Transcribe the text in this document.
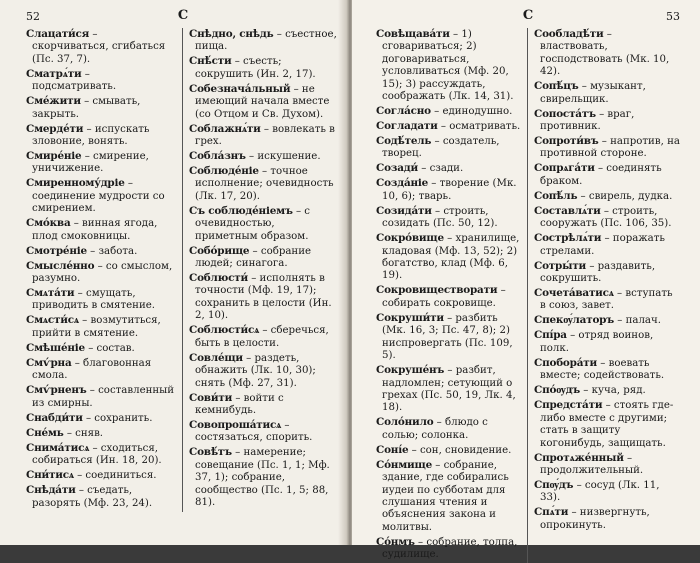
52	С

Слацати́ся – скорчиваться, сгибаться (Пс. 37, 7).

Сматрѧ́ти – подсматривать.

Сме́жити – смывать, закрыть.

Смерде́ти – испускать зловоние, вонять.

Смире́ніе – смирение, уничижение.

Смиренному́дріе – соединение мудрости со смирением.

Смо́ква – винная ягода, плод смоковницы.

Смотре́ніе – забота.

Смысле́нно – со смыслом, разумно.

Смѧта́ти – смущать, приводить в смятение.

Смѧсти́сѧ – возмутиться, прийти в смятение.

Смѣше́ніе – состав.

Смѵ́рна – благовонная смола.

Смѵ́рненъ – составленный из смирны.

Снабди́ти – сохранить.

Сне́мь – сняв.

Снима́тисѧ – сходиться, собираться (Ин. 18, 20).

Сни́тисѧ – соединиться.

Снѣда́ти – съедать, разорять (Мф. 23, 24).

Снѣдно, снѣдь – съестное, пища.

Снѣ́сти – съесть; сокрушить (Ин. 2, 17).

Собезнача́льный – не имеющий начала вместе (со Отцом и Св. Духом).

Соблажнѧ́ти – вовлекать в грех.

Собла́знъ – искушение.

Соблюде́ніе – точное исполнение; очевидность (Лк. 17, 20).

Съ соблюде́ніемъ – с очевидностью, приметным образом.

Собо́рище – собрание людей; синагога.

Соблюсти́ – исполнять в точности (Мф. 19, 17); сохранить в целости (Ин. 2, 10).

Соблюсти́сѧ – сберечься, быть в целости.

Совле́щи – раздеть, обнажить (Лк. 10, 30); снять (Мф. 27, 31).

Сови́ти – войти с кемнибудь.

Совопроша́тисѧ – состязаться, спорить.

Совѣ́тъ – намерение; совещание (Пс. 1, 1; Мф. 37, 1); собрание, сообщество (Пс. 1, 5; 88, 81).

С	53

Совѣщава́ти – 1) сговариваться; 2) договариваться, условливаться (Мф. 20, 15); 3) рассуждать, соображать (Лк. 14, 31).

Согла́сно – единодушно.

Согладати – осматривать.

Содѣ́тель – создатель, творец.

Созади́ – сзади.

Созда́ніе – творение (Мк. 10, 6); тварь.

Созида́ти – строить, созидать (Пс. 50, 12).

Сокро́вище – хранилище, кладовая (Мф. 13, 52); 2) богатство, клад (Мф. 6, 19).

Сокровиществорати – собирать сокровище.

Сокруши́ти – разбить (Мк. 16, 3; Пс. 47, 8); 2) ниспровергать (Пс. 109, 5).

Сокруше́нъ – разбит, надломлен; сетующий о грехах (Пс. 50, 19, Лк. 4, 18).

Соло́нило – блюдо с солью; солонка.

Соні́е – сон, сновидение.

Со́нмище – собрание, здание, где собирались иудеи по субботам для слушания чтения и объяснения закона и молитвы.

Со́нмъ – собрание, толпа, судилище.

Сообладѣ́ти – властвовать, господствовать (Мк. 10, 42).

Сопѣ́цъ – музыкант, свирельщик.

Сопоста́тъ – враг, противник.

Сопроти́въ – напротив, на противной стороне.

Сопрѧга́ти – соединять браком.

Сопѣ́ль – свирель, дудка.

Составлѧ́ти – строить, сооружать (Пс. 106, 35).

Сострѣлѧ́ти – поражать стрелами.

Сотры́ти – раздавить, сокрушить.

Сочета́ватисѧ – вступать в союз, завет.

Спекѹ́латоръ – палач.

Спі́ра – отряд воинов, полк.

Спобора́ти – воевать вместе; содействовать.

Спо́ѹдъ – куча, ряд.

Спредста́ти – стоять где-либо вместе с другими; стать в защиту когонибудь, защищать.

Спротѧже́нный – продолжительный.

Спѹ́дъ – сосуд (Лк. 11, 33).

Спѧ́ти – низвергнуть, опрокинуть.
